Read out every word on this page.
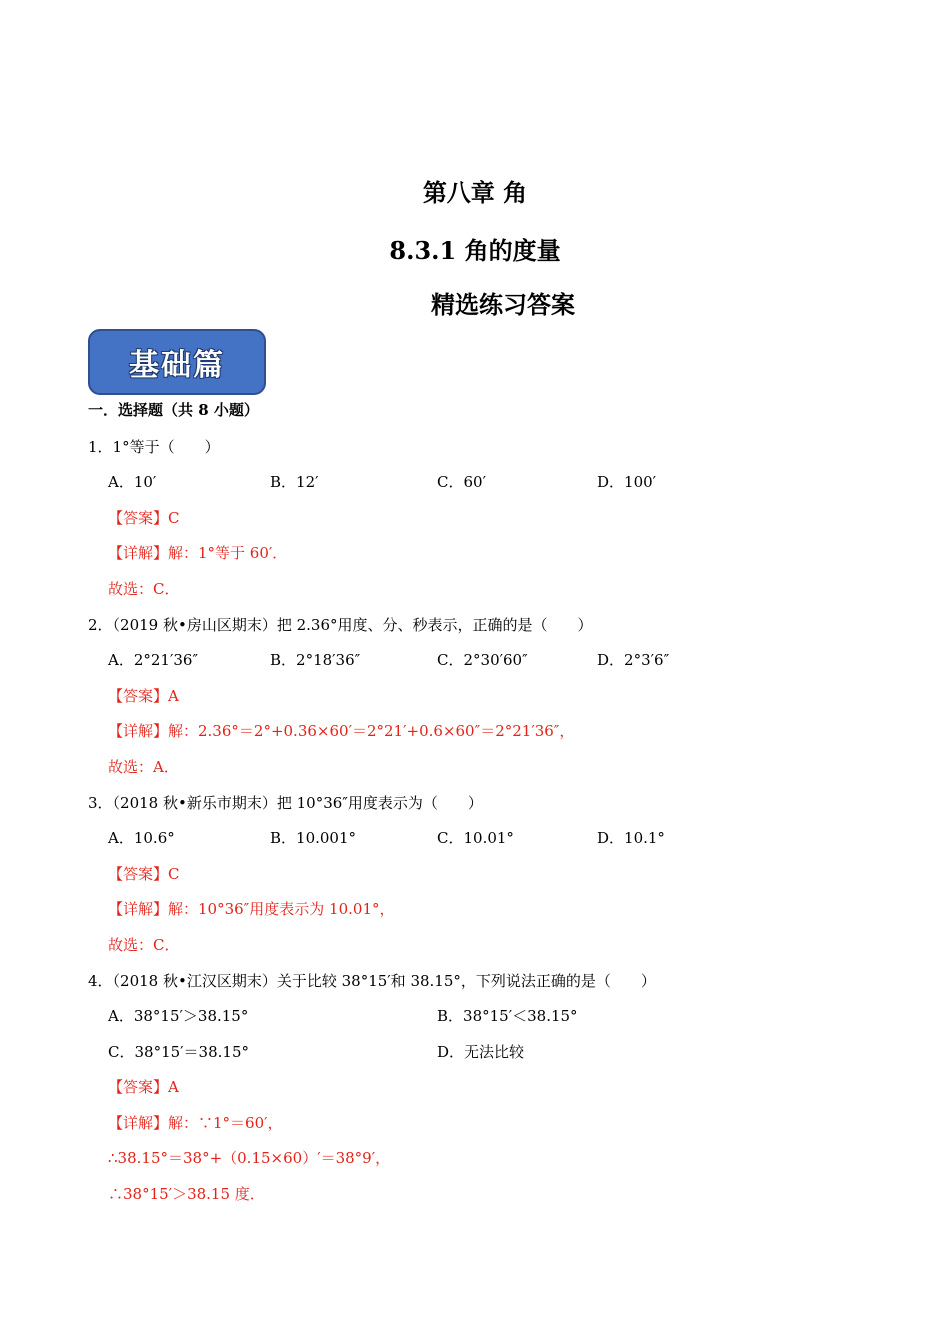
第八章 角
8.3.1 角的度量
精选练习答案
基础篇
一．选择题（共 8 小题）
1．1°等于（　　）
A．10′	B．12′	C．60′	D．100′
【答案】C
【详解】解：1°等于 60′．
故选：C．
2．（2019 秋•房山区期末）把 2.36°用度、分、秒表示，正确的是（　　）
A．2°21′36″	B．2°18′36″	C．2°30′60″	D．2°3′6″
【答案】A
【详解】解：2.36°＝2°+0.36×60′＝2°21′+0.6×60″＝2°21′36″，
故选：A．
3．（2018 秋•新乐市期末）把 10°36″用度表示为（　　）
A．10.6°	B．10.001°	C．10.01°	D．10.1°
【答案】C
【详解】解：10°36″用度表示为 10.01°，
故选：C．
4．（2018 秋•江汉区期末）关于比较 38°15′和 38.15°，下列说法正确的是（　　）
A．38°15′＞38.15°	B．38°15′＜38.15°
C．38°15′＝38.15°	D．无法比较
【答案】A
【详解】解：∵1°＝60′，
∴38.15°＝38°+（0.15×60）′＝38°9′，
∴38°15′＞38.15 度．
